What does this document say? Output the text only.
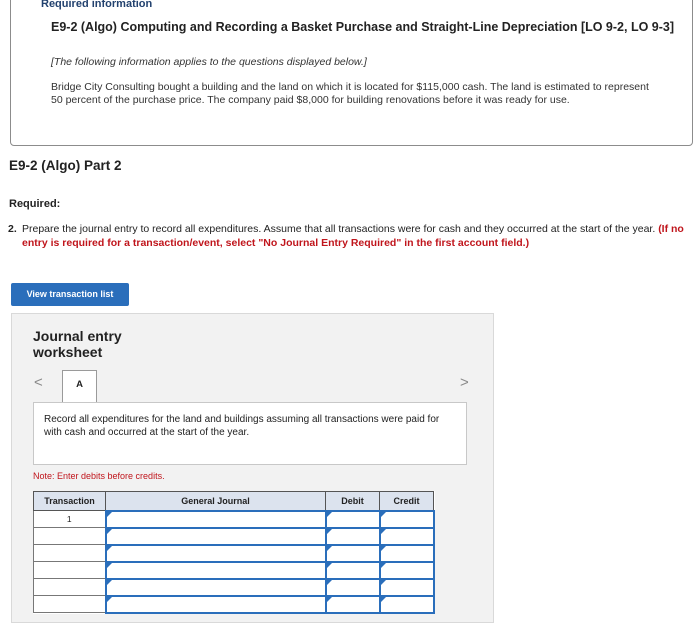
Required information
E9-2 (Algo) Computing and Recording a Basket Purchase and Straight-Line Depreciation [LO 9-2, LO 9-3]
[The following information applies to the questions displayed below.]
Bridge City Consulting bought a building and the land on which it is located for $115,000 cash. The land is estimated to represent 50 percent of the purchase price. The company paid $8,000 for building renovations before it was ready for use.
E9-2 (Algo) Part 2
Required:
2. Prepare the journal entry to record all expenditures. Assume that all transactions were for cash and they occurred at the start of the year. (If no entry is required for a transaction/event, select "No Journal Entry Required" in the first account field.)
View transaction list
Journal entry worksheet
<	A	>
Record all expenditures for the land and buildings assuming all transactions were paid for with cash and occurred at the start of the year.
Note: Enter debits before credits.
Transaction	General Journal	Debit	Credit
1			
